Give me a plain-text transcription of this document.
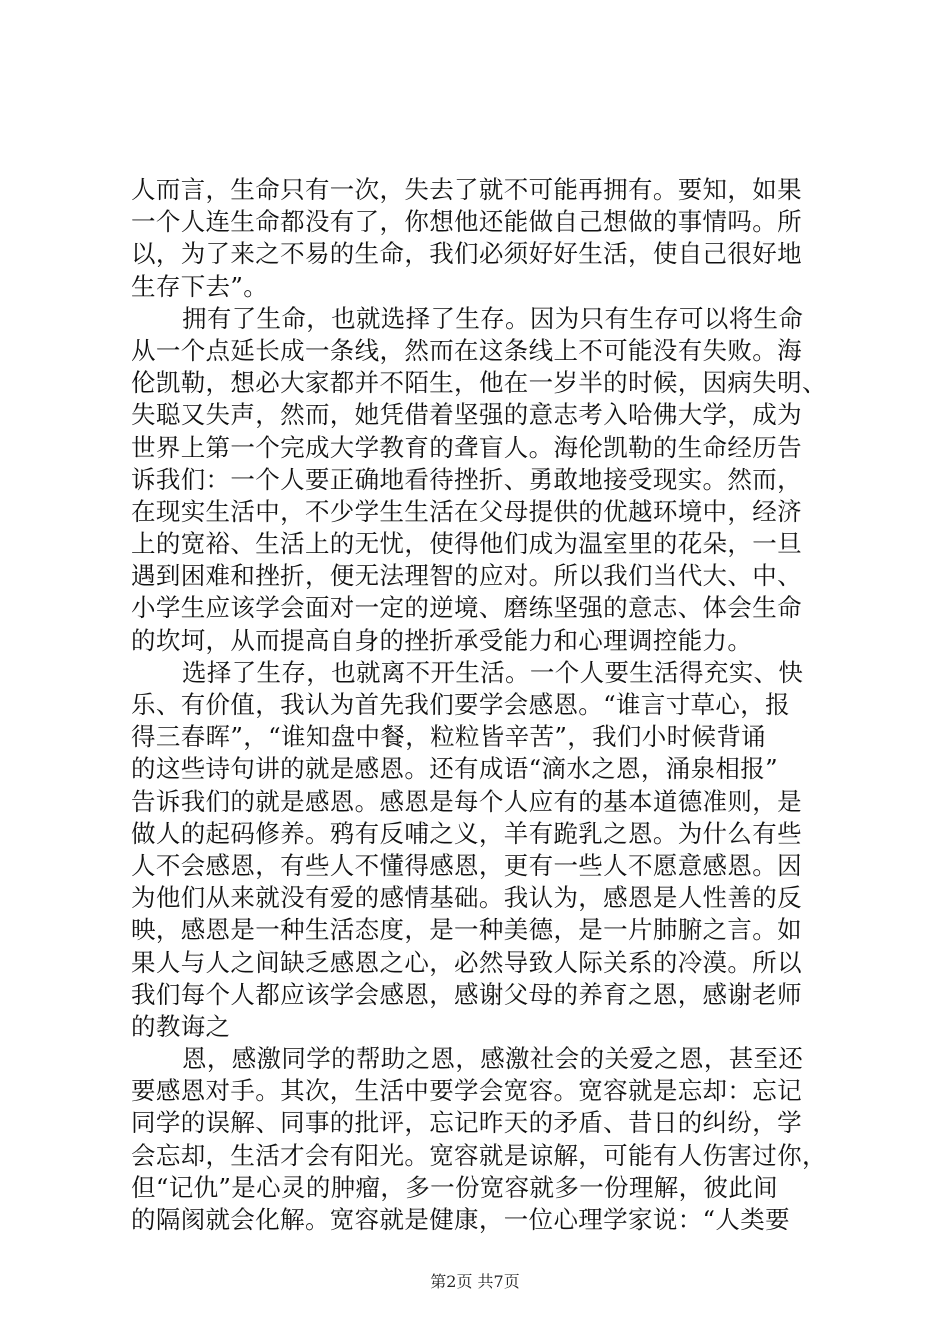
人而言，生命只有一次，失去了就不可能再拥有。要知，如果
一个人连生命都没有了，你想他还能做自己想做的事情吗。所
以，为了来之不易的生命，我们必须好好生活，使自己很好地
生存下去”。
拥有了生命，也就选择了生存。因为只有生存可以将生命
从一个点延长成一条线，然而在这条线上不可能没有失败。海
伦凯勒，想必大家都并不陌生，他在一岁半的时候，因病失明、
失聪又失声，然而，她凭借着坚强的意志考入哈佛大学，成为
世界上第一个完成大学教育的聋盲人。海伦凯勒的生命经历告
诉我们：一个人要正确地看待挫折、勇敢地接受现实。然而，
在现实生活中，不少学生生活在父母提供的优越环境中，经济
上的宽裕、生活上的无忧，使得他们成为温室里的花朵，一旦
遇到困难和挫折，便无法理智的应对。所以我们当代大、中、
小学生应该学会面对一定的逆境、磨练坚强的意志、体会生命
的坎坷，从而提高自身的挫折承受能力和心理调控能力。
选择了生存，也就离不开生活。一个人要生活得充实、快
乐、有价值，我认为首先我们要学会感恩。“谁言寸草心，报
得三春晖”，“谁知盘中餐，粒粒皆辛苦”，我们小时候背诵
的这些诗句讲的就是感恩。还有成语“滴水之恩，涌泉相报”
告诉我们的就是感恩。感恩是每个人应有的基本道德准则，是
做人的起码修养。鸦有反哺之义，羊有跪乳之恩。为什么有些
人不会感恩，有些人不懂得感恩，更有一些人不愿意感恩。因
为他们从来就没有爱的感情基础。我认为，感恩是人性善的反
映，感恩是一种生活态度，是一种美德，是一片肺腑之言。如
果人与人之间缺乏感恩之心，必然导致人际关系的冷漠。所以
我们每个人都应该学会感恩，感谢父母的养育之恩，感谢老师
的教诲之
恩，感激同学的帮助之恩，感激社会的关爱之恩，甚至还
要感恩对手。其次，生活中要学会宽容。宽容就是忘却：忘记
同学的误解、同事的批评，忘记昨天的矛盾、昔日的纠纷，学
会忘却，生活才会有阳光。宽容就是谅解，可能有人伤害过你，
但“记仇”是心灵的肿瘤，多一份宽容就多一份理解，彼此间
的隔阂就会化解。宽容就是健康，一位心理学家说：“人类要
第2页 共7页
